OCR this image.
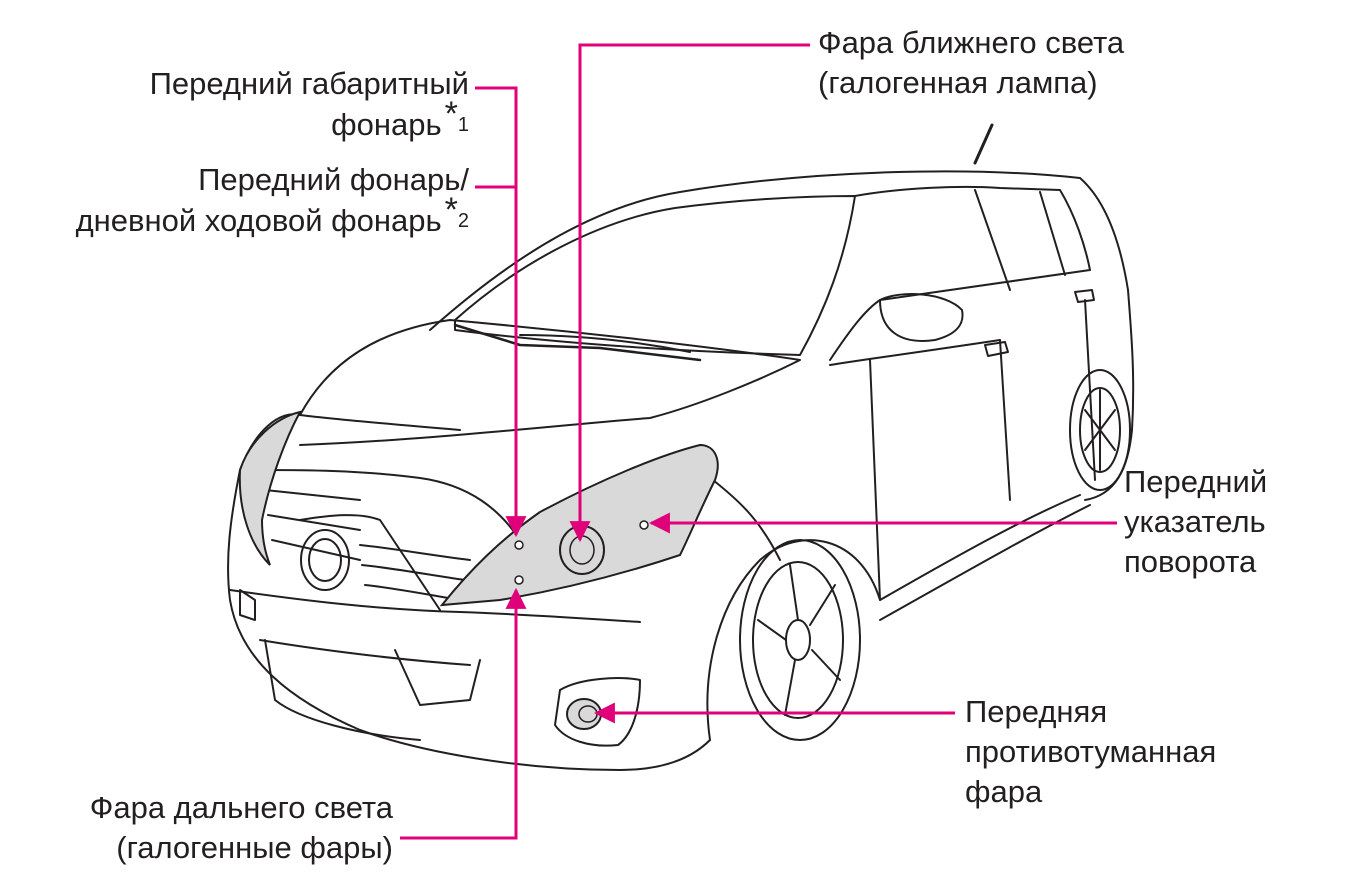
Фара ближнего света
(галогенная лампа)
Передний габаритный
$фонарь*_1$
Передний фонарь/
дневной ходовой $фонарь*_2$
Передний
указатель
поворота
Передняя
противотуманная
фара
Фара дальнего света
(галогенные фары)
